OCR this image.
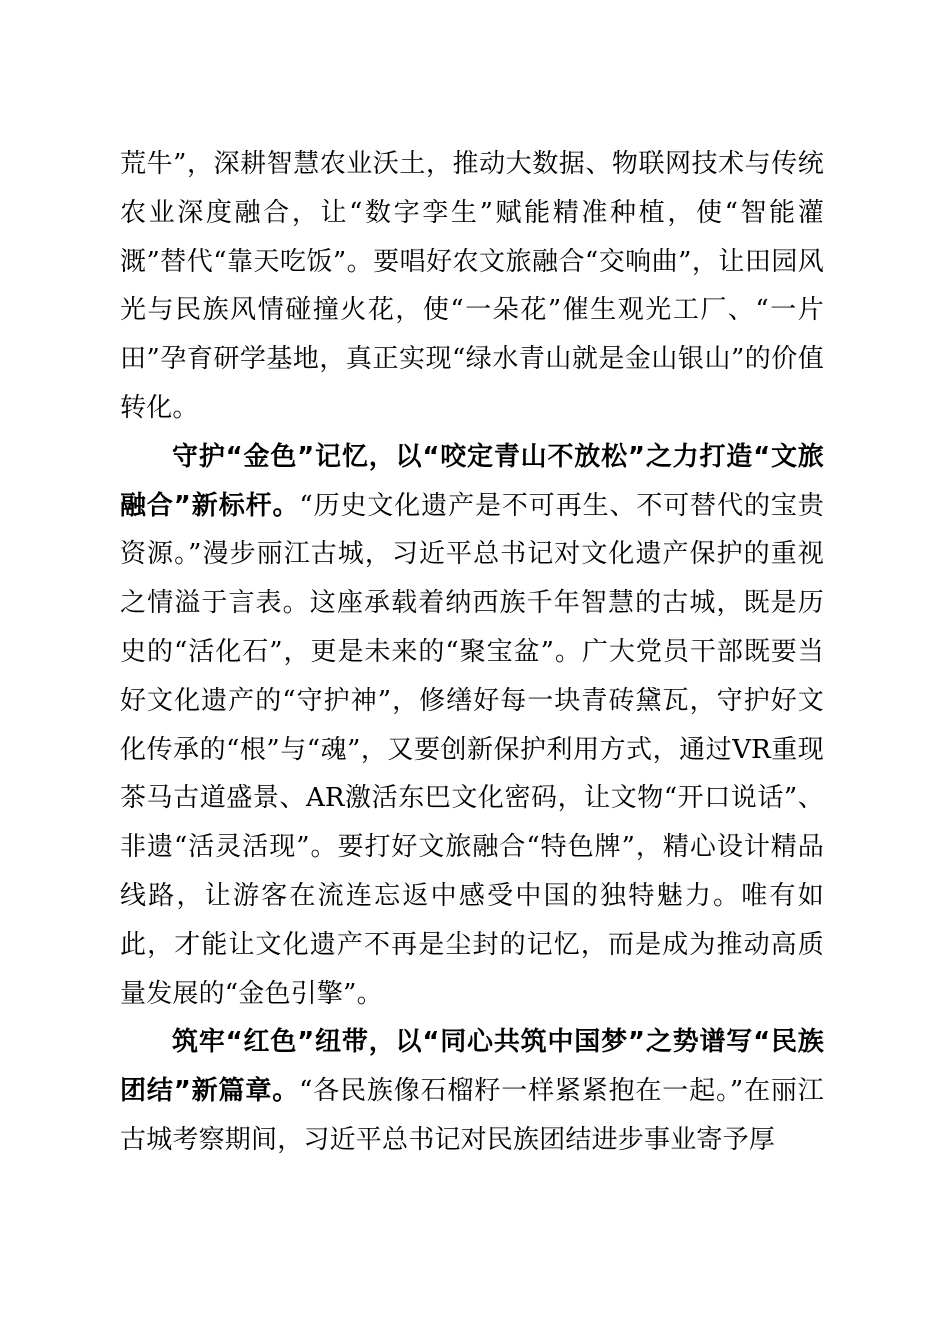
荒牛”，深耕智慧农业沃土，推动大数据、物联网技术与传统农业深度融合，让“数字孪生”赋能精准种植，使“智能灌溉”替代“靠天吃饭”。要唱好农文旅融合“交响曲”，让田园风光与民族风情碰撞火花，使“一朵花”催生观光工厂、“一片田”孕育研学基地，真正实现“绿水青山就是金山银山”的价值转化。

守护“金色”记忆，以“咬定青山不放松”之力打造“文旅融合”新标杆。“历史文化遗产是不可再生、不可替代的宝贵资源。”漫步丽江古城，习近平总书记对文化遗产保护的重视之情溢于言表。这座承载着纳西族千年智慧的古城，既是历史的“活化石”，更是未来的“聚宝盆”。广大党员干部既要当好文化遗产的“守护神”，修缮好每一块青砖黛瓦，守护好文化传承的“根”与“魂”，又要创新保护利用方式，通过VR重现茶马古道盛景、AR激活东巴文化密码，让文物“开口说话”、非遗“活灵活现”。要打好文旅融合“特色牌”，精心设计精品线路，让游客在流连忘返中感受中国的独特魅力。唯有如此，才能让文化遗产不再是尘封的记忆，而是成为推动高质量发展的“金色引擎”。

筑牢“红色”纽带，以“同心共筑中国梦”之势谱写“民族团结”新篇章。“各民族像石榴籽一样紧紧抱在一起。”在丽江古城考察期间，习近平总书记对民族团结进步事业寄予厚
